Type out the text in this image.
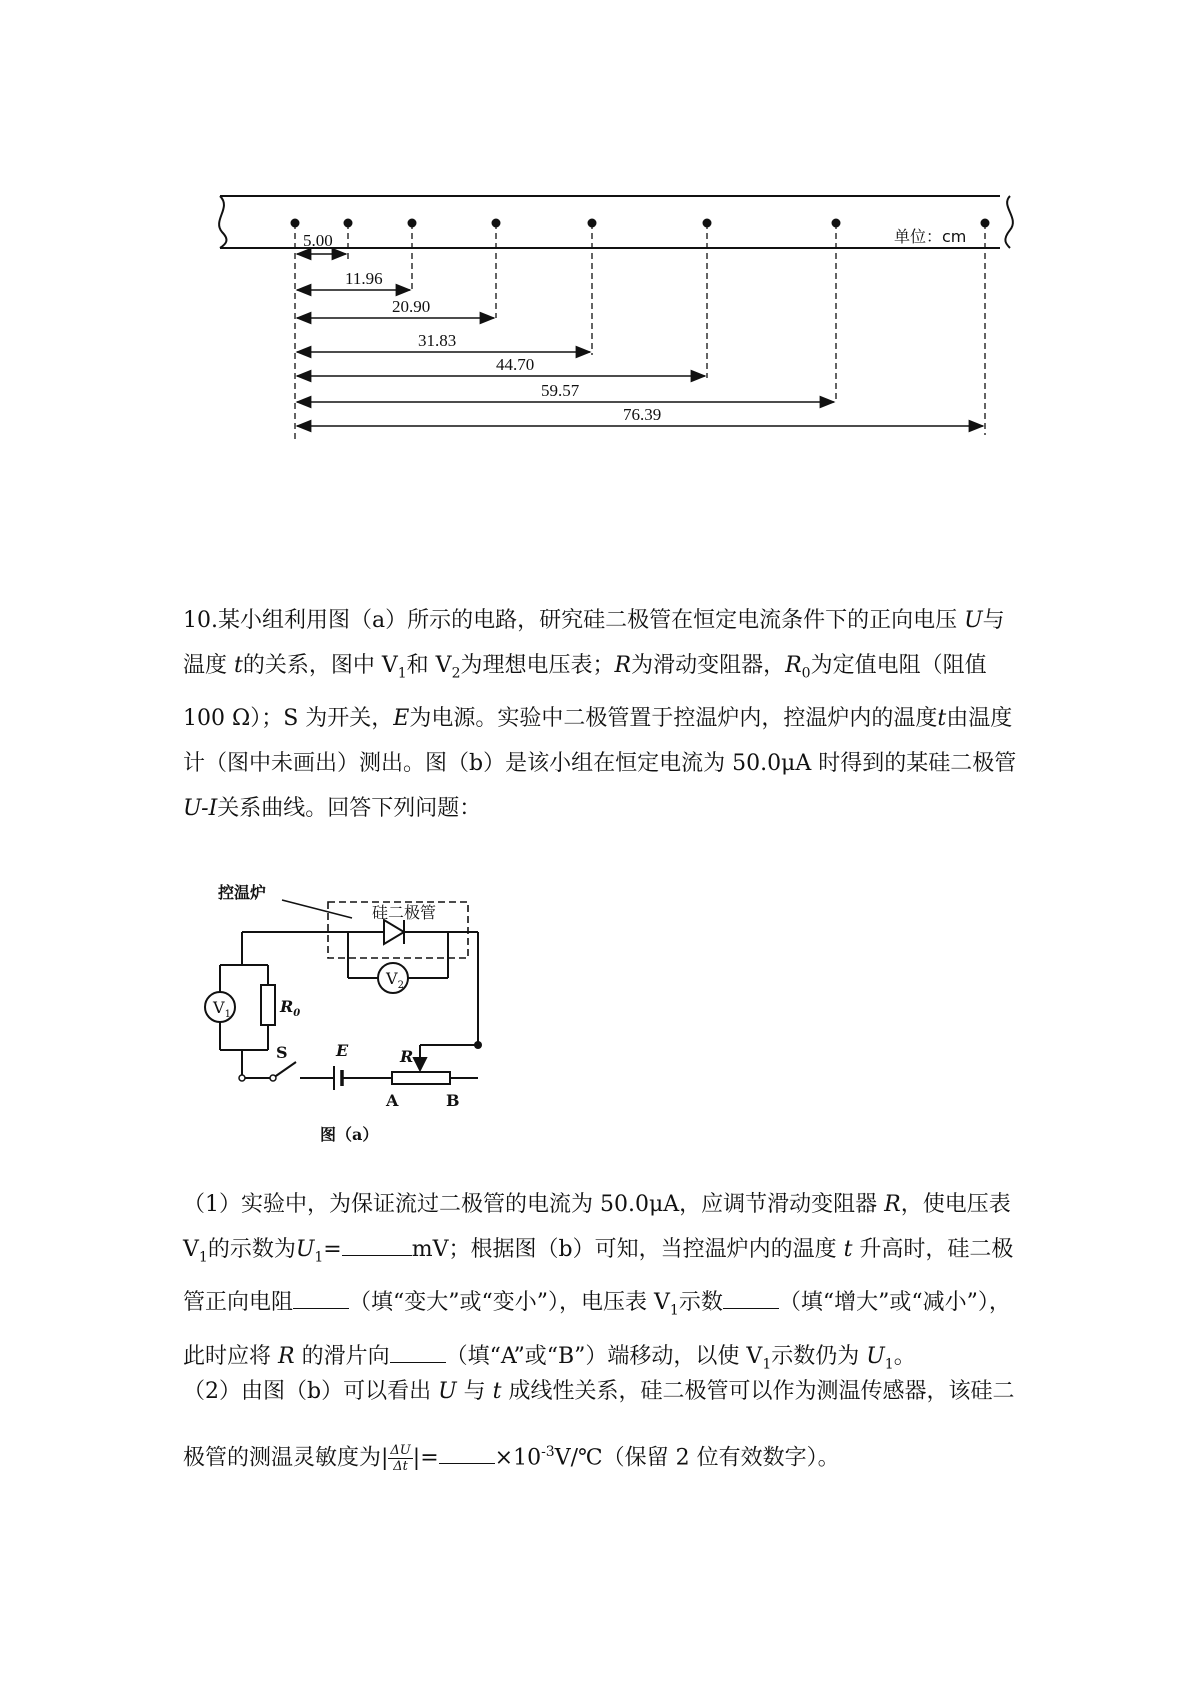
5.00
11.96
20.90
31.83
44.70
59.57
76.39
单位：cm

10.某小组利用图（a）所示的电路，研究硅二极管在恒定电流条件下的正向电压 U与温度 t的关系，图中 $V_1$和 $V_2$为理想电压表；R为滑动变阻器，$R_0$为定值电阻（阻值 100 Ω）；S 为开关，E为电源。实验中二极管置于控温炉内，控温炉内的温度t由温度计（图中未画出）测出。图（b）是该小组在恒定电流为 50.0μA 时得到的某硅二极管U-I关系曲线。回答下列问题：

控温炉
硅二极管
$V_1$
$V_2$
$R_0$
S	E	R
A	B
图（a）

（1）实验中，为保证流过二极管的电流为 50.0μA，应调节滑动变阻器 R，使电压表 $V_1$的示数为$U_1=$	mV；根据图（b）可知，当控温炉内的温度 t 升高时，硅二极管正向电阻	（填“变大”或“变小”），电压表 $V_1$示数	（填“增大”或“减小”），此时应将 R 的滑片向	（填“A”或“B”）端移动，以使 $V_1$示数仍为 $U_1$。

（2）由图（b）可以看出 U 与 t 成线性关系，硅二极管可以作为测温传感器，该硅二极管的测温灵敏度为| $\frac{\Delta U}{\Delta t}$ |=	$\times 10^{-3}V/℃$（保留 2 位有效数字）。
